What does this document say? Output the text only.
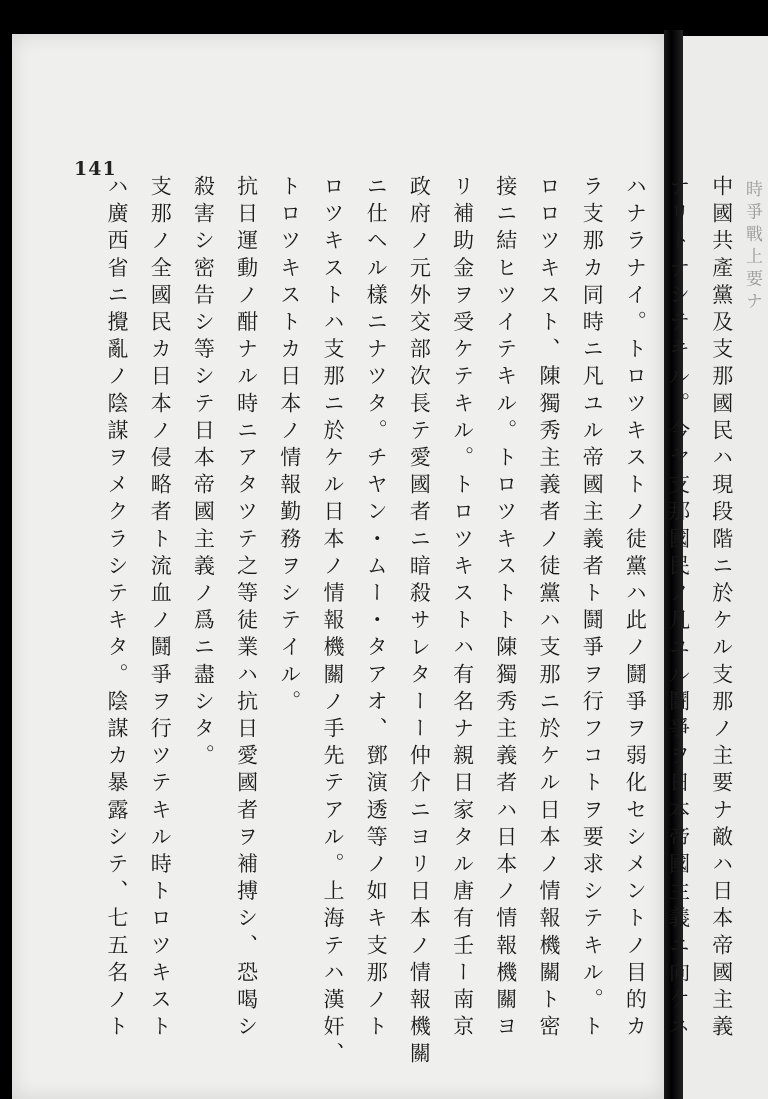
時 爭 戰 上 要 ナ
141
中國共產黨及支那國民ハ現段階ニ於ケル支那ノ主要ナ敵ハ日本帝國主義
ナリトナシテキル。今ヤ支那國民ノ凡ユル鬪爭ヲ日本帝國主義ニ向ケネ
ハナラナイ。トロツキストノ徒黨ハ此ノ鬪爭ヲ弱化セシメントノ目的カ
ラ支那カ同時ニ凡ユル帝國主義者ト鬪爭ヲ行フコトヲ要求シテキル。ト
ロロツキスト、陳獨秀主義者ノ徒黨ハ支那ニ於ケル日本ノ情報機關ト密
接ニ結ヒツイテキル。トロツキストト陳獨秀主義者ハ日本ノ情報機關ヨ
リ補助金ヲ受ケテキル。トロツキストハ有名ナ親日家タル唐有壬ー南京
政府ノ元外交部次長テ愛國者ニ暗殺サレターー仲介ニヨリ日本ノ情報機關
ニ仕ヘル樣ニナツタ。チヤン・ムー・タアオ、鄧演透等ノ如キ支那ノト
ロツキストハ支那ニ於ケル日本ノ情報機關ノ手先テアル。上海テハ漢奸、
トロツキストカ日本ノ情報勤務ヲシテイル。
抗日運動ノ酣ナル時ニアタツテ之等徒業ハ抗日愛國者ヲ補搏シ、恐喝シ
殺害シ密告シ等シテ日本帝國主義ノ爲ニ盡シタ。
支那ノ全國民カ日本ノ侵略者ト流血ノ鬪爭ヲ行ツテキル時トロツキスト
ハ廣西省ニ攪亂ノ陰謀ヲメクラシテキタ。陰謀カ暴露シテ、七五名ノト
